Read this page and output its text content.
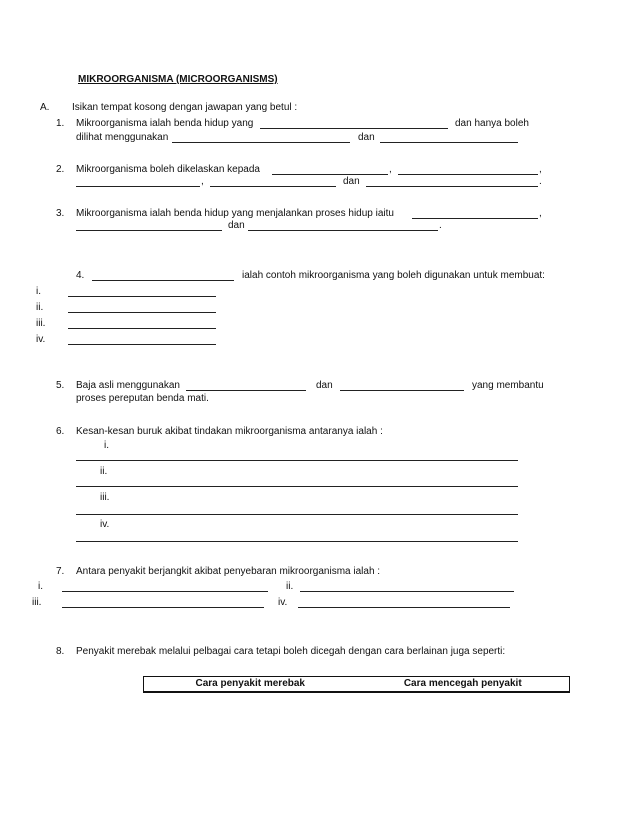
MIKROORGANISMA (MICROORGANISMS)
A. Isikan tempat kosong dengan jawapan yang betul :
1. Mikroorganisma ialah benda hidup yang	dan hanya boleh
dilihat menggunakan	dan
2. Mikroorganisma boleh dikelaskan kepada	,	,
,	dan	.
3. Mikroorganisma ialah benda hidup yang menjalankan proses hidup iaitu	,
dan	.
4.	ialah contoh mikroorganisma yang boleh digunakan untuk membuat:
i.
ii.
iii.
iv.
5. Baja asli menggunakan	dan	yang membantu
proses pereputan benda mati.
6. Kesan-kesan buruk akibat tindakan mikroorganisma antaranya ialah :
i.
ii.
iii.
iv.
7. Antara penyakit berjangkit akibat penyebaran mikroorganisma ialah :
i.	ii.
iii.	iv.
8. Penyakit merebak melalui pelbagai cara tetapi boleh dicegah dengan cara berlainan juga seperti:
Cara penyakit merebak	Cara mencegah penyakit
